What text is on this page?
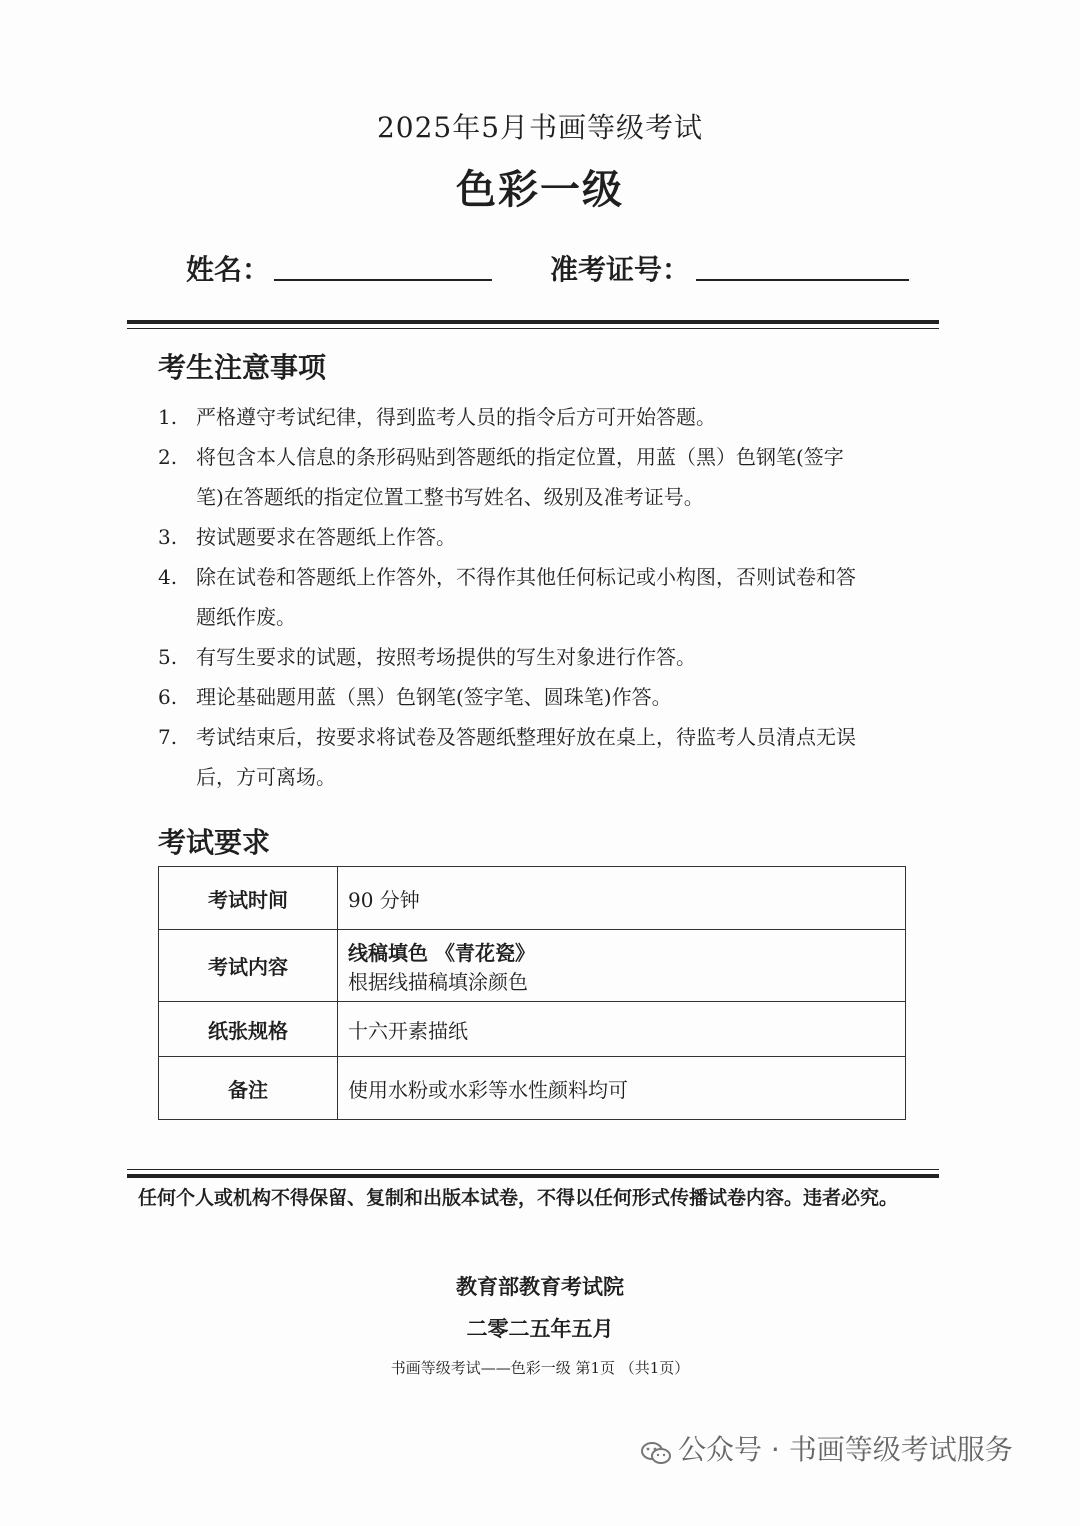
2025年5月书画等级考试
色彩一级
姓名：	准考证号：
考生注意事项
1. 严格遵守考试纪律，得到监考人员的指令后方可开始答题。
2. 将包含本人信息的条形码贴到答题纸的指定位置，用蓝（黑）色钢笔(签字
笔)在答题纸的指定位置工整书写姓名、级别及准考证号。
3. 按试题要求在答题纸上作答。
4. 除在试卷和答题纸上作答外，不得作其他任何标记或小构图，否则试卷和答
题纸作废。
5. 有写生要求的试题，按照考场提供的写生对象进行作答。
6. 理论基础题用蓝（黑）色钢笔(签字笔、圆珠笔)作答。
7. 考试结束后，按要求将试卷及答题纸整理好放在桌上，待监考人员清点无误
后，方可离场。
考试要求
考试时间	90 分钟
考试内容	线稿填色 《青花瓷》
根据线描稿填涂颜色

纸张规格	十六开素描纸
备注	使用水粉或水彩等水性颜料均可
任何个人或机构不得保留、复制和出版本试卷，不得以任何形式传播试卷内容。违者必究。
教育部教育考试院
二零二五年五月
书画等级考试——色彩一级 第1页 （共1页）
公众号 · 书画等级考试服务
